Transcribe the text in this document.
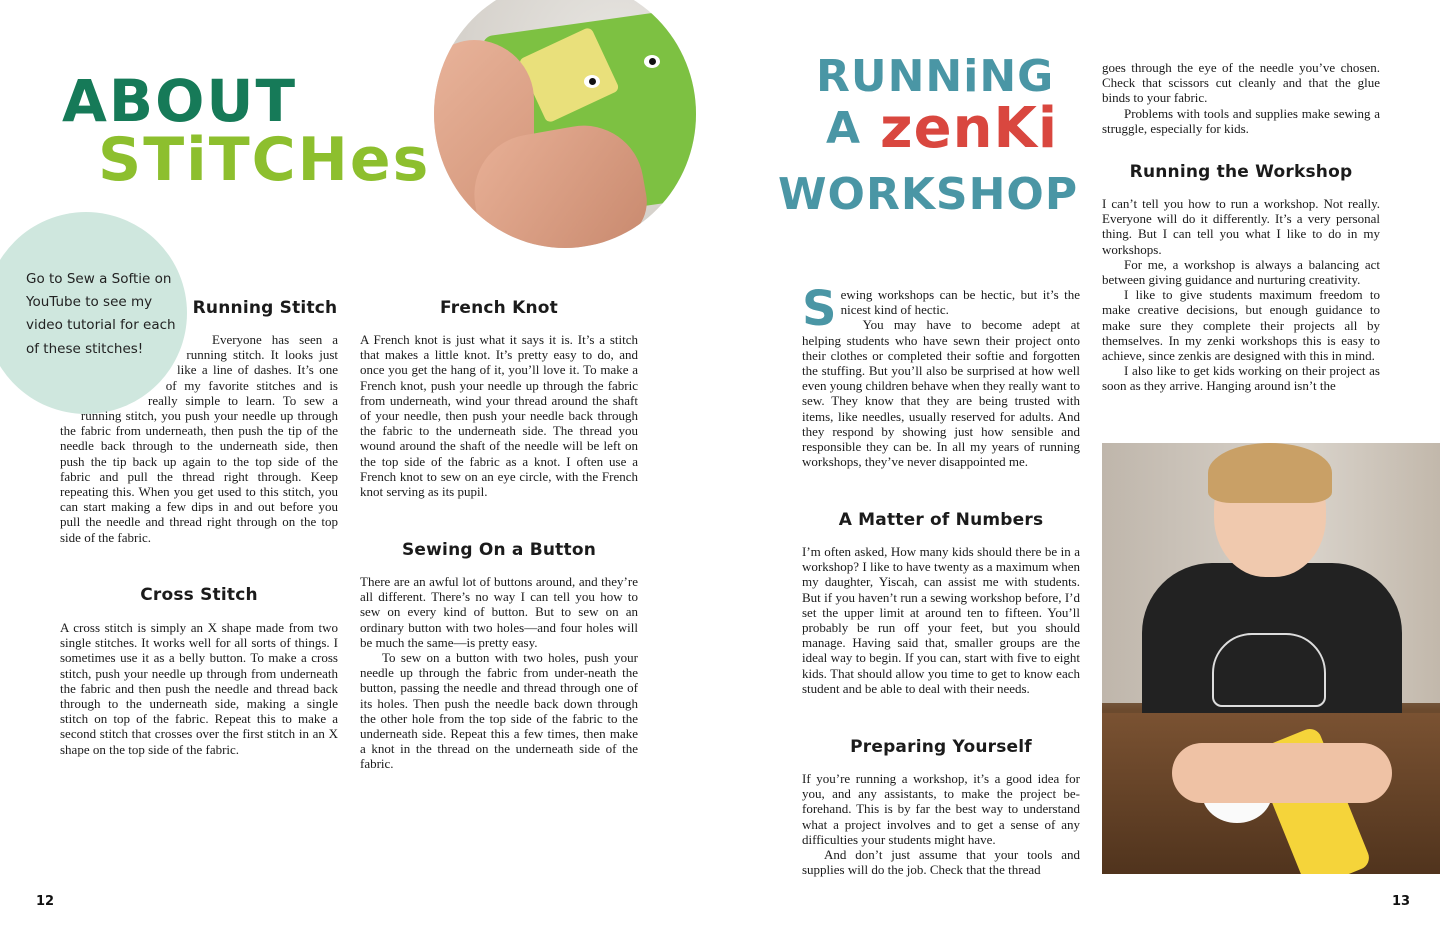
ABOUT
STiTCHes
Go to Sew a Softie on YouTube to see my video tutorial for each of these stitches!
Running Stitch

Everyone has seen a running stitch. It looks just like a line of dashes. It’s one of my favorite stitches and is really simple to learn. To sew a running stitch, you push your needle up through the fabric from underneath, then push the tip of the needle back through to the underneath side, then push the tip back up again to the top side of the fabric and pull the thread right through. Keep repeating this. When you get used to this stitch, you can start making a few dips in and out before you pull the needle and thread right through on the top side of the fabric.

Cross Stitch

A cross stitch is simply an X shape made from two single stitches. It works well for all sorts of things. I sometimes use it as a belly button. To make a cross stitch, push your needle up through from underneath the fabric and then push the needle and thread back through to the underneath side, making a single stitch on top of the fabric. Repeat this to make a second stitch that crosses over the first stitch in an X shape on the top side of the fabric.

French Knot

A French knot is just what it says it is. It’s a stitch that makes a little knot. It’s pretty easy to do, and once you get the hang of it, you’ll love it. To make a French knot, push your needle up through the fabric from underneath, wind your thread around the shaft of your needle, then push your needle back through the fabric to the underneath side. The thread you wound around the shaft of the needle will be left on the top side of the fabric as a knot. I often use a French knot to sew on an eye circle, with the French knot serving as its pupil.

Sewing On a Button

There are an awful lot of buttons around, and they’re all different. There’s no way I can tell you how to sew on every kind of button. But to sew on an ordinary button with two holes—and four holes will be much the same—is pretty easy.

To sew on a button with two holes, push your needle up through the fabric from under-neath the button, passing the needle and thread through one of its holes. Then push the needle back down through the other hole from the top side of the fabric to the underneath side. Repeat this a few times, then make a knot in the thread on the underneath side of the fabric.

12
RUNNiNG
A zenKi
WORKSHOP

S ewing workshops can be hectic, but it’s the nicest kind of hectic.

You may have to become adept at helping students who have sewn their project onto their clothes or completed their softie and forgotten the stuffing. But you’ll also be surprised at how well even young children behave when they really want to sew. They know that they are being trusted with items, like needles, usually reserved for adults. And they respond by showing just how sensible and responsible they can be. In all my years of running workshops, they’ve never disappointed me.

A Matter of Numbers

I’m often asked, How many kids should there be in a workshop? I like to have twenty as a maximum when my daughter, Yiscah, can assist me with students. But if you haven’t run a sewing workshop before, I’d set the upper limit at around ten to fifteen. You’ll probably be run off your feet, but you should manage. Having said that, smaller groups are the ideal way to begin. If you can, start with five to eight kids. That should allow you time to get to know each student and be able to deal with their needs.

Preparing Yourself

If you’re running a workshop, it’s a good idea for you, and any assistants, to make the project be-forehand. This is by far the best way to understand what a project involves and to get a sense of any difficulties your students might have.

And don’t just assume that your tools and supplies will do the job. Check that the thread

goes through the eye of the needle you’ve chosen. Check that scissors cut cleanly and that the glue binds to your fabric.

Problems with tools and supplies make sewing a struggle, especially for kids.

Running the Workshop

I can’t tell you how to run a workshop. Not really. Everyone will do it differently. It’s a very personal thing. But I can tell you what I like to do in my workshops.

For me, a workshop is always a balancing act between giving guidance and nurturing creativity.

I like to give students maximum freedom to make creative decisions, but enough guidance to make sure they complete their projects all by themselves. In my zenki workshops this is easy to achieve, since zenkis are designed with this in mind.

I also like to get kids working on their project as soon as they arrive. Hanging around isn’t the

13
